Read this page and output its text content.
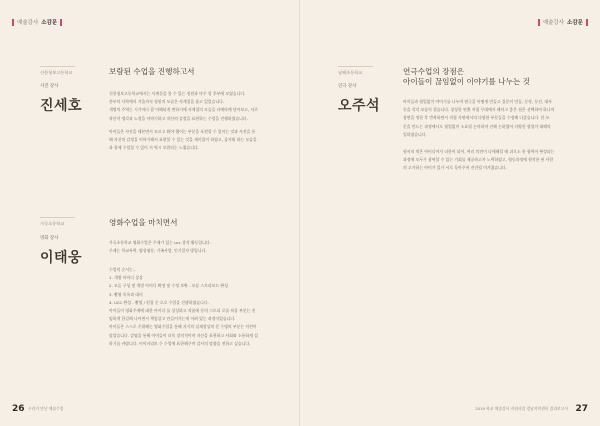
예술강사 소감문	예술강사 소감문
신한청보고등학교
사진 강사
진세호
보람된 수업을 진행하고서
신한청보고등학교에서는 사계등을 볼 수 있는 정원과 마주 할 후부에 모였습니다.
풍부의 사학에서 겨울까지 정원의 모습은 사계절을 품고 있었습니다.
개별의 주역는 시기마다 잘 이해되게 변하기에 사계절의 모습을 카메라에 담아보고, 서로
작산적 생각과 느낌을 이야기하고 작산의 감정을 표현하는 수업을 진행하였습니다.
아이들은 사진을 해본면서 모르고 봐야 했어는 부분을 포현할 수 있어는 것과 사진을 통
해 자신의 감정을 이야기해서 표현할 수 있는 것을 재미있어 하였고, 즐거워 하는 모습을
과 함께 수업할 수 있어 저 역시 보람되는 느꼈습니다.
가곡초등학교
영화 강사
이태웅
영화수업을 마치면서
가곡초등학교 영화수업은 주제가 있는 ucc 창작 활동입니다.
주제는 학교폭력, 양성평등, 가족사랑, 인기일자 방입니다.
수업의 순서는...
1. 개별 아이디 상상
2. 모둠 구성 및 개별 아이디 확정 및 수정 보완 - 모둠 스토리보드 완성
3. 촬영 목록과 대비
4. UCC 완성 - 촬영 / 편집 순 으로 수업을 진행하였습니다.
아이들이 영화주제에 대한 아이디 를 상상하고 작품에 등의 스토리 로를 처음 부분는 친
임하게 한길해 나아면서 책임감고 만들어가는게 어려 있는 과정이었습니다.
아이들은 스스로 주위해는 영화수업을 통해 자기의 실제장상의 문 수명의 부분는 이견이
맞았습니다. 감염을 통해 아이들이 더욱 창의적이며 자신을 표현하고 사회와 소통하게 설
하기를 바랍니다. 이이키리트 수 수업에 표한해주며 감사의 말씀을 전하고 싶습니다.
남해초등학교
연극 강사
오주석
연극수업의 장점은
아이들이 끊임없이 이야기를 나누는 것
아이들과 협업없이 야이기를 나누며 연극을 어떻게 만들고 질문이 만들, 동작, 동선, 대사
등을 각각 모둠이 결습니다. 창상한 연출 직접 무대에서 레이고 좋은 점은 선택하여 하나의
장면을 정한 후 반복하면서 직접 사연에서의 다양한 부분들을 수정해 나갔습니다. 한 모
문을 만드는 과정에서도 협업없이 소요될 논의하며 진해 논하였어 다양한 협업이 대해의
일하였습니다.
원서의 먹은 아이디어가 녀한이 되어, 여러 의견이 다에해할 때 쉬로소 한 협력이 완성되는
과정에 모두가 참여할 수 있는 기회를 제공하고자 노력하였고, 협동과정에 협적한 된 사람
의 고가하는 아이가 있가 서로 독아주며 진진될 이겨졌습니다.
26 우리가 만난 예술수업	2019 학교 예술강사 지원사업 경남지역센터 결과보고서 27
